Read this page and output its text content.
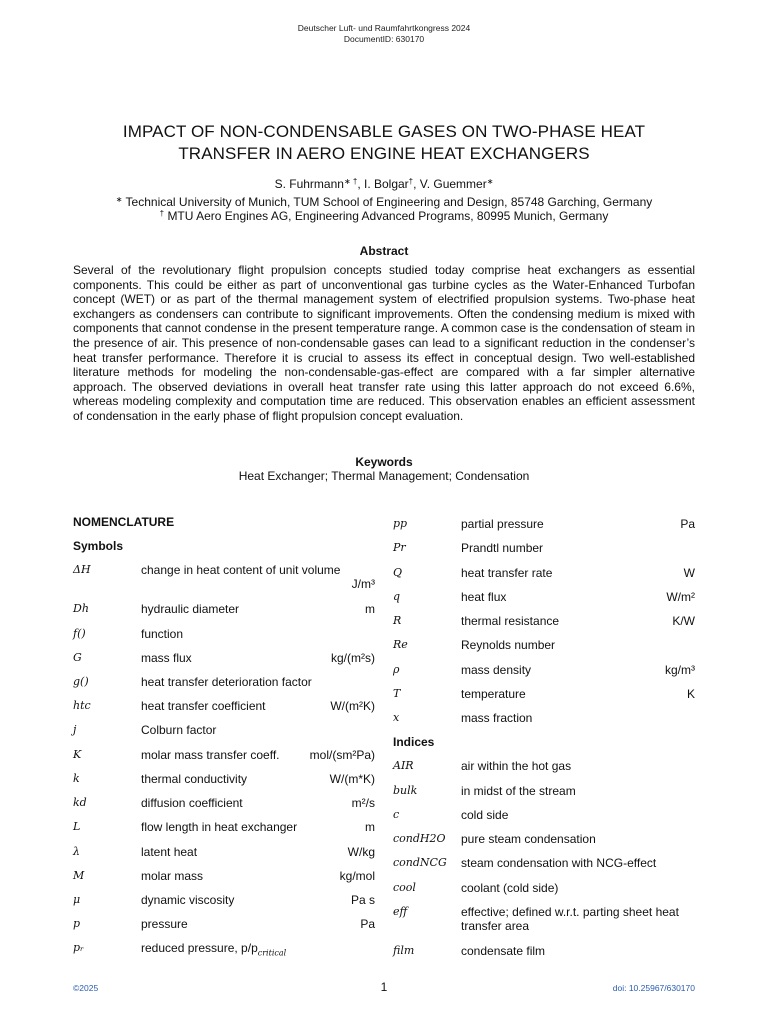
Deutscher Luft- und Raumfahrtkongress 2024
DocumentID: 630170
IMPACT OF NON-CONDENSABLE GASES ON TWO-PHASE HEAT
TRANSFER IN AERO ENGINE HEAT EXCHANGERS
S. Fuhrmann∗ †, I. Bolgar†, V. Guemmer∗
∗ Technical University of Munich, TUM School of Engineering and Design, 85748 Garching, Germany
† MTU Aero Engines AG, Engineering Advanced Programs, 80995 Munich, Germany
Abstract
Several of the revolutionary flight propulsion concepts studied today comprise heat exchangers as essential components. This could be either as part of unconventional gas turbine cycles as the Water-Enhanced Turbofan concept (WET) or as part of the thermal management system of electrified propulsion systems. Two-phase heat exchangers as condensers can contribute to significant improvements. Often the condensing medium is mixed with components that cannot condense in the present temperature range. A common case is the condensation of steam in the presence of air. This presence of non-condensable gases can lead to a significant reduction in the condenser’s heat transfer performance. Therefore it is crucial to assess its effect in conceptual design. Two well-established literature methods for modeling the non-condensable-gas-effect are compared with a far simpler alternative approach. The observed deviations in overall heat transfer rate using this latter approach do not exceed 6.6%, whereas modeling complexity and computation time are reduced. This observation enables an efficient assessment of condensation in the early phase of flight propulsion concept evaluation.
Keywords
Heat Exchanger; Thermal Management; Condensation
NOMENCLATURE
Symbols
ΔH	change in heat content of unit volume
J/m³
Dh	hydraulic diameter	m
f()	function
G	mass flux	kg/(m²s)
g()	heat transfer deterioration factor
htc	heat transfer coefficient	W/(m²K)
j	Colburn factor
K	molar mass transfer coeff.	mol/(sm²Pa)
k	thermal conductivity	W/(m*K)
kd	diffusion coefficient	m²/s
L	flow length in heat exchanger	m
λ	latent heat	W/kg
M	molar mass	kg/mol
μ	dynamic viscosity	Pa s
p	pressure	Pa
pᵣ	reduced pressure, $p/p_{critical}$
pp	partial pressure	Pa
Pr	Prandtl number
Q	heat transfer rate	W
q	heat flux	W/m²
R	thermal resistance	K/W
Re	Reynolds number
ρ	mass density	kg/m³
T	temperature	K
x	mass fraction
Indices
AIR	air within the hot gas
bulk	in midst of the stream
c	cold side
condH2O pure steam condensation
condNCG steam condensation with NCG-effect
cool	coolant (cold side)
eff	effective; defined w.r.t. parting sheet heat transfer area
film	condensate film
©2025	1	doi: 10.25967/630170
